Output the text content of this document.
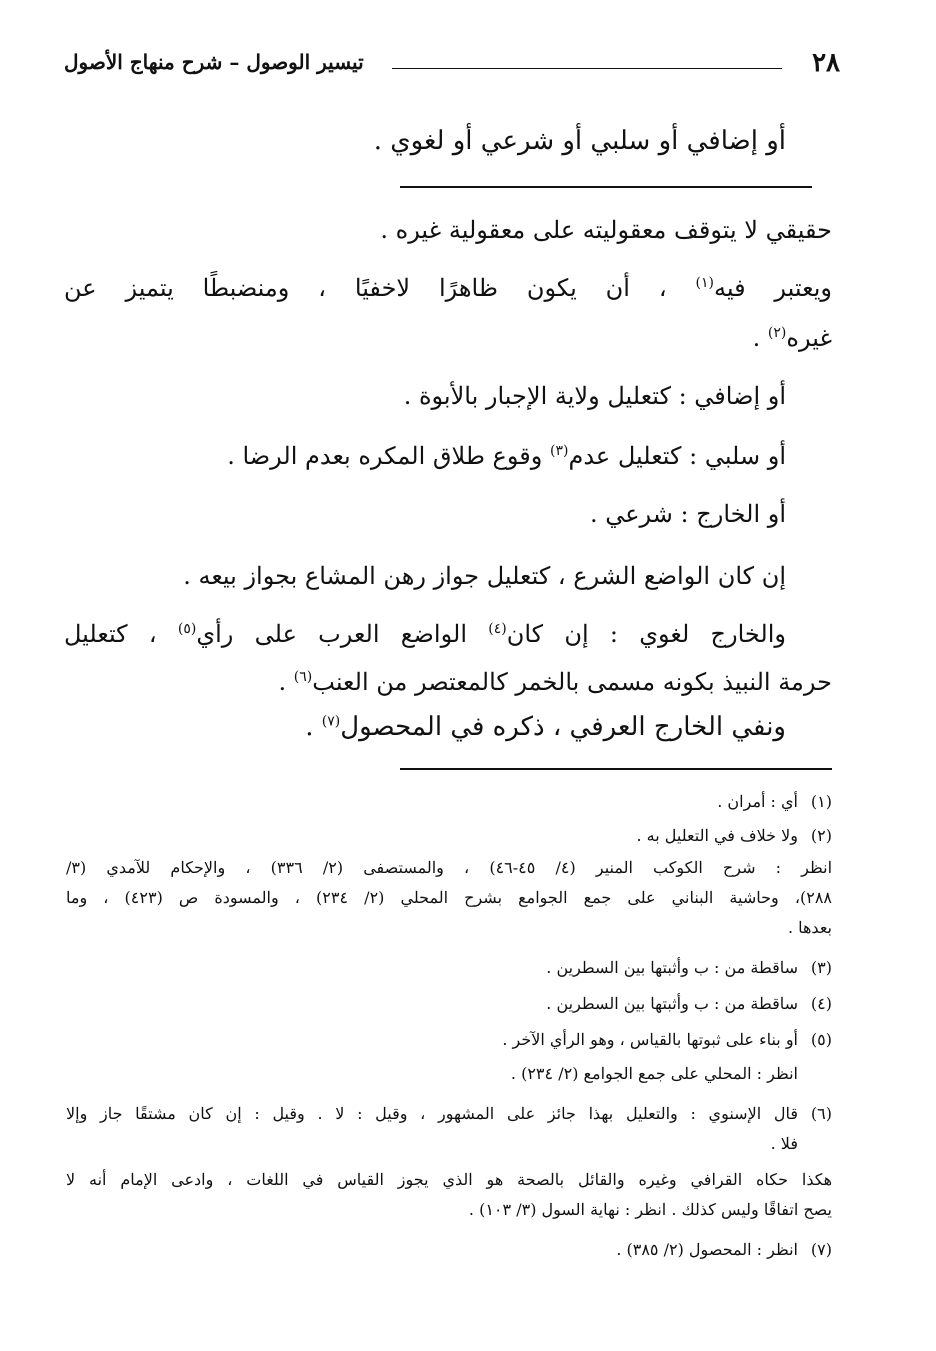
٢٨
تيسير الوصول – شرح منهاج الأصول
أو إضافي أو سلبي أو شرعي أو لغوي .
حقيقي لا يتوقف معقوليته على معقولية غيره .
ويعتبر فيه$^{(١)}$ ، أن يكون ظاهرًا لاخفيًا ، ومنضبطًا يتميز عن
غيره$^{(٢)}$ .
أو إضافي : كتعليل ولاية الإجبار بالأبوة .
أو سلبي : كتعليل عدم$^{(٣)}$ وقوع طلاق المكره بعدم الرضا .
أو الخارج : شرعي .
إن كان الواضع الشرع ، كتعليل جواز رهن المشاع بجواز بيعه .
والخارج لغوي : إن كان$^{(٤)}$ الواضع العرب على رأي$^{(٥)}$ ، كتعليل
حرمة النبيذ بكونه مسمى بالخمر كالمعتصر من العنب$^{(٦)}$ .
ونفي الخارج العرفي ، ذكره في المحصول$^{(٧)}$ .
(١)
أي : أمران .
(٢)
ولا خلاف في التعليل به .
انظر : شرح الكوكب المنير (٤/ ٤٥-٤٦) ، والمستصفى (٢/ ٣٣٦) ، والإحكام للآمدي (٣/
٢٨٨)، وحاشية البناني على جمع الجوامع بشرح المحلي (٢/ ٢٣٤) ، والمسودة ص (٤٢٣) ، وما
بعدها .
(٣)
ساقطة من : ب وأثبتها بين السطرين .
(٤)
ساقطة من : ب وأثبتها بين السطرين .
(٥)
أو بناء على ثبوتها بالقياس ، وهو الرأي الآخر .
انظر : المحلي على جمع الجوامع (٢/ ٢٣٤) .
(٦)
قال الإسنوي : والتعليل بهذا جائز على المشهور ، وقيل : لا . وقيل : إن كان مشتقًا جاز وإلا
فلا .
هكذا حكاه القرافي وغيره والقائل بالصحة هو الذي يجوز القياس في اللغات ، وادعى الإمام أنه لا
يصح اتفاقًا وليس كذلك . انظر : نهاية السول (٣/ ١٠٣) .
(٧)
انظر : المحصول (٢/ ٣٨٥) .
